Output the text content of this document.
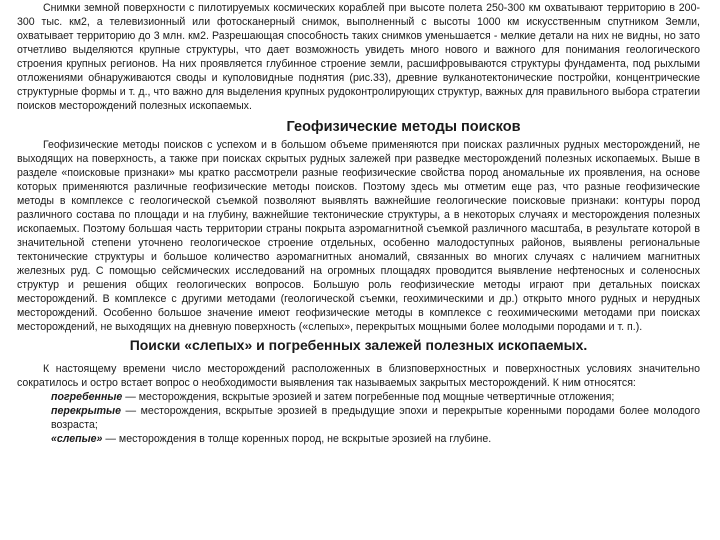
Снимки земной поверхности с пилотируемых космических кораблей при высоте полета 250-300 км охватывают территорию в 200-300 тыс. км2, а телевизионный или фотосканерный снимок, выполненный с высоты 1000 км искусственным спутником Земли, охватывает территорию до 3 млн. км2. Разрешающая способность таких снимков уменьшается - мелкие детали на них не видны, но зато отчетливо выделяются крупные структуры, что дает возможность увидеть много нового и важного для понимания геологического строения крупных регионов. На них проявляется глубинное строение земли, расшифровываются структуры фундамента, под рыхлыми отложениями обнаруживаются своды и куполовидные поднятия (рис.33), древние вулканотектонические постройки, концентрические структурные формы и т. д., что важно для выделения крупных рудоконтролирующих структур, важных для правильного выбора стратегии поисков месторождений полезных ископаемых.

Геофизические методы поисков

Геофизические методы поисков с успехом и в большом объеме применяются при поисках различных рудных месторождений, не выходящих на поверхность, а также при поисках скрытых рудных залежей при разведке месторождений полезных ископаемых. Выше в разделе «поисковые признаки» мы кратко рассмотрели разные геофизические свойства пород аномальные их проявления, на основе которых применяются различные геофизические методы поисков. Поэтому здесь мы отметим еще раз, что разные геофизические методы в комплексе с геологической съемкой позволяют выявлять важнейшие геологические поисковые признаки: контуры пород различного состава по площади и на глубину, важнейшие тектонические структуры, а в некоторых случаях и месторождения полезных ископаемых. Поэтому большая часть территории страны покрыта аэромагнитной съемкой различного масштаба, в результате которой в значительной степени уточнено геологическое строение отдельных, особенно малодоступных районов, выявлены региональные тектонические структуры и большое количество аэромагнитных аномалий, связанных во многих случаях с наличием магнитных железных руд. С помощью сейсмических исследований на огромных площадях проводится выявление нефтеносных и соленосных структур и решения общих геологических вопросов. Большую роль геофизические методы играют при детальных поисках месторождений. В комплексе с другими методами (геологической съемки, геохимическими и др.) открыто много рудных и нерудных месторождений. Особенно большое значение имеют геофизические методы в комплексе с геохимическими методами при поисках месторождений, не выходящих на дневную поверхность («слепых», перекрытых мощными более молодыми породами и т. п.).

Поиски «слепых» и погребенных залежей полезных ископаемых.

К настоящему времени число месторождений расположенных в близповерхностных и поверхностных условиях значительно сократилось и остро встает вопрос о необходимости выявления так называемых закрытых месторождений. К ним относятся:

погребенные — месторождения, вскрытые эрозией и затем погребенные под мощные четвертичные отложения;

перекрытые — месторождения, вскрытые эрозией в предыдущие эпохи и перекрытые коренными породами более молодого возраста;

«слепые» — месторождения в толще коренных пород, не вскрытые эрозией на глубине.
